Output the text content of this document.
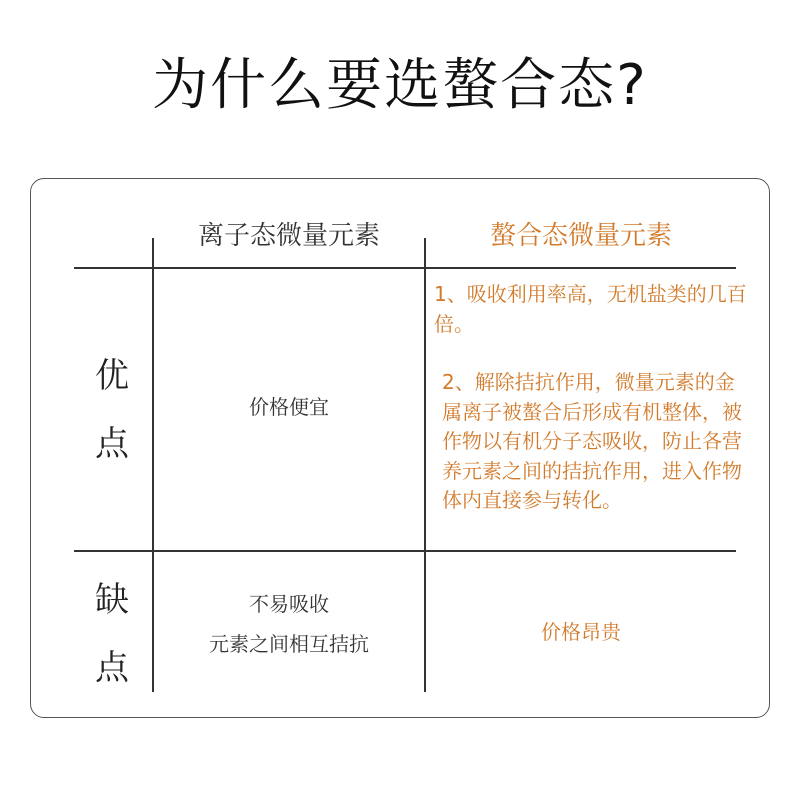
为什么要选螯合态?
离子态微量元素	螯合态微量元素
优
点
价格便宜

1、吸收利用率高，无机盐类的几百倍。

2、解除拮抗作用，微量元素的金属离子被螯合后形成有机整体，被作物以有机分子态吸收，防止各营养元素之间的拮抗作用，进入作物体内直接参与转化。

缺
点
不易吸收
元素之间相互拮抗	价格昂贵
